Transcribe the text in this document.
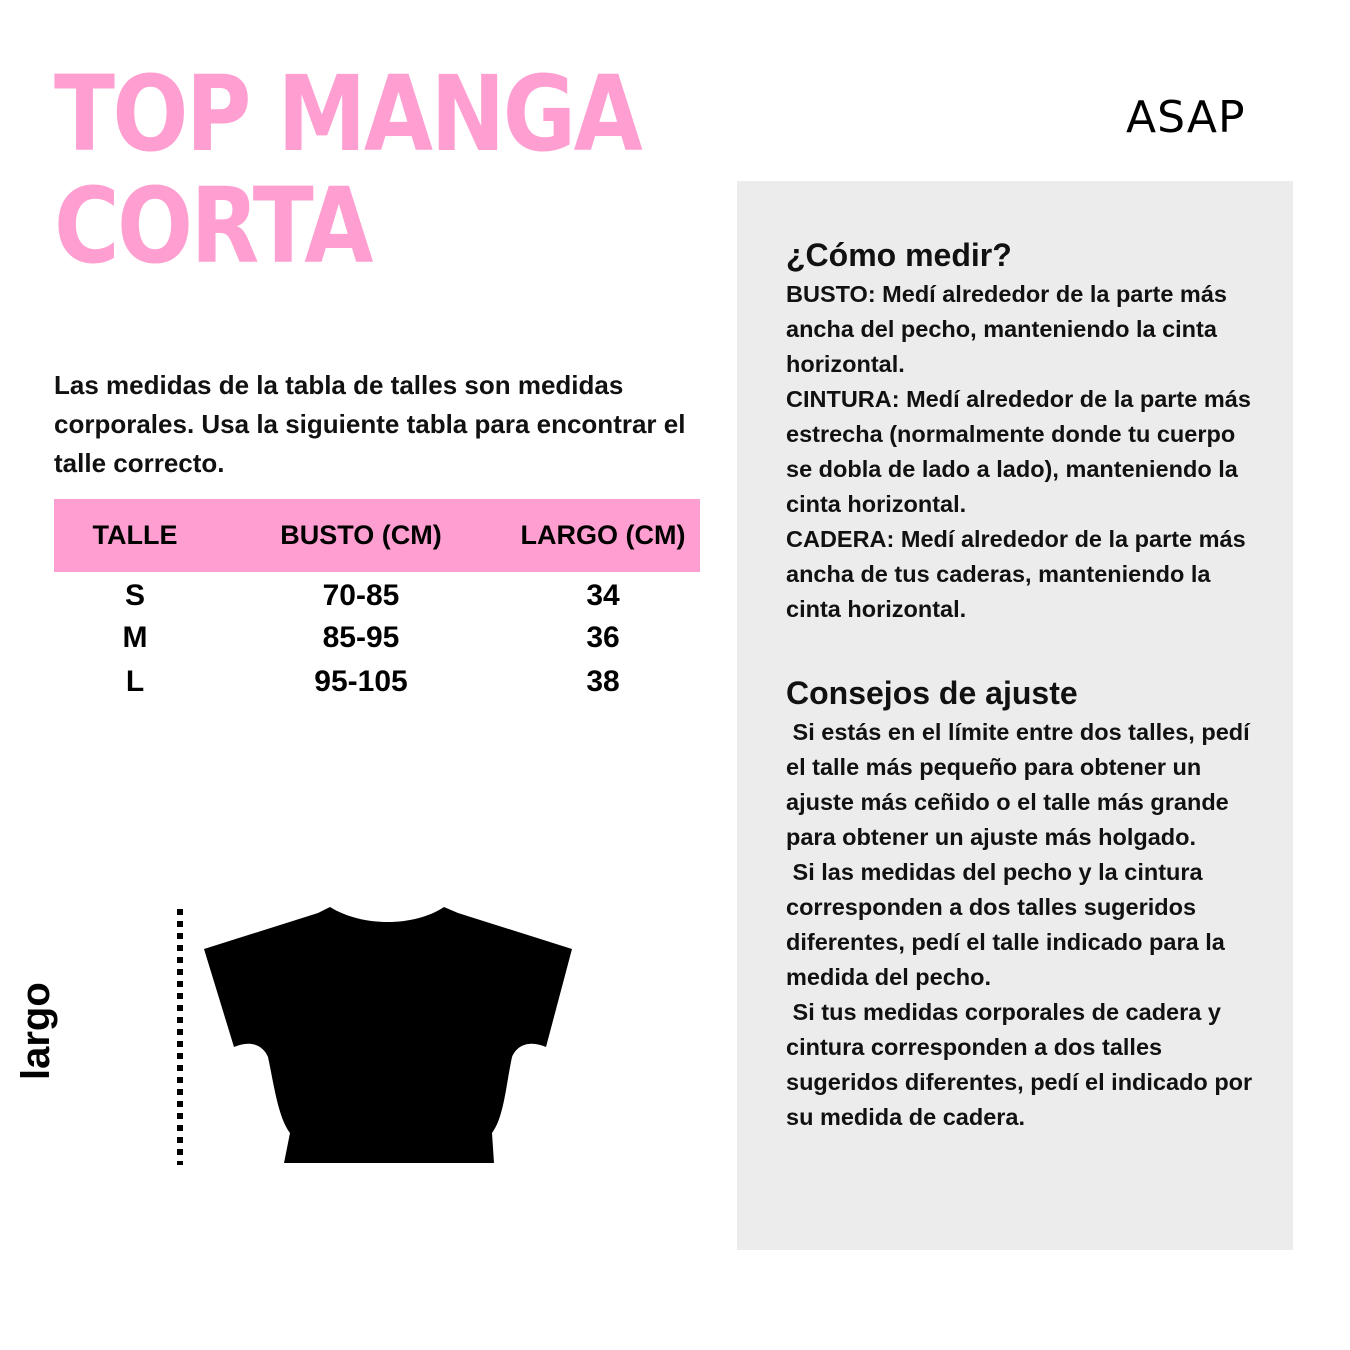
TOP MANGA
CORTA
ASAP

Las medidas de la tabla de talles son medidas corporales. Usa la siguiente tabla para encontrar el talle correcto.

TALLE	BUSTO (CM)	LARGO (CM)
S	70-85	34
M	85-95	36
L	95-105	38
largo
¿Cómo medir?

BUSTO: Medí alrededor de la parte más ancha del pecho, manteniendo la cinta horizontal.
CINTURA: Medí alrededor de la parte más estrecha (normalmente donde tu cuerpo se dobla de lado a lado), manteniendo la cinta horizontal.
CADERA: Medí alrededor de la parte más ancha de tus caderas, manteniendo la cinta horizontal.

Consejos de ajuste

Si estás en el límite entre dos talles, pedí el talle más pequeño para obtener un ajuste más ceñido o el talle más grande para obtener un ajuste más holgado.
Si las medidas del pecho y la cintura corresponden a dos talles sugeridos diferentes, pedí el talle indicado para la medida del pecho.
Si tus medidas corporales de cadera y cintura corresponden a dos talles sugeridos diferentes, pedí el indicado por su medida de cadera.
